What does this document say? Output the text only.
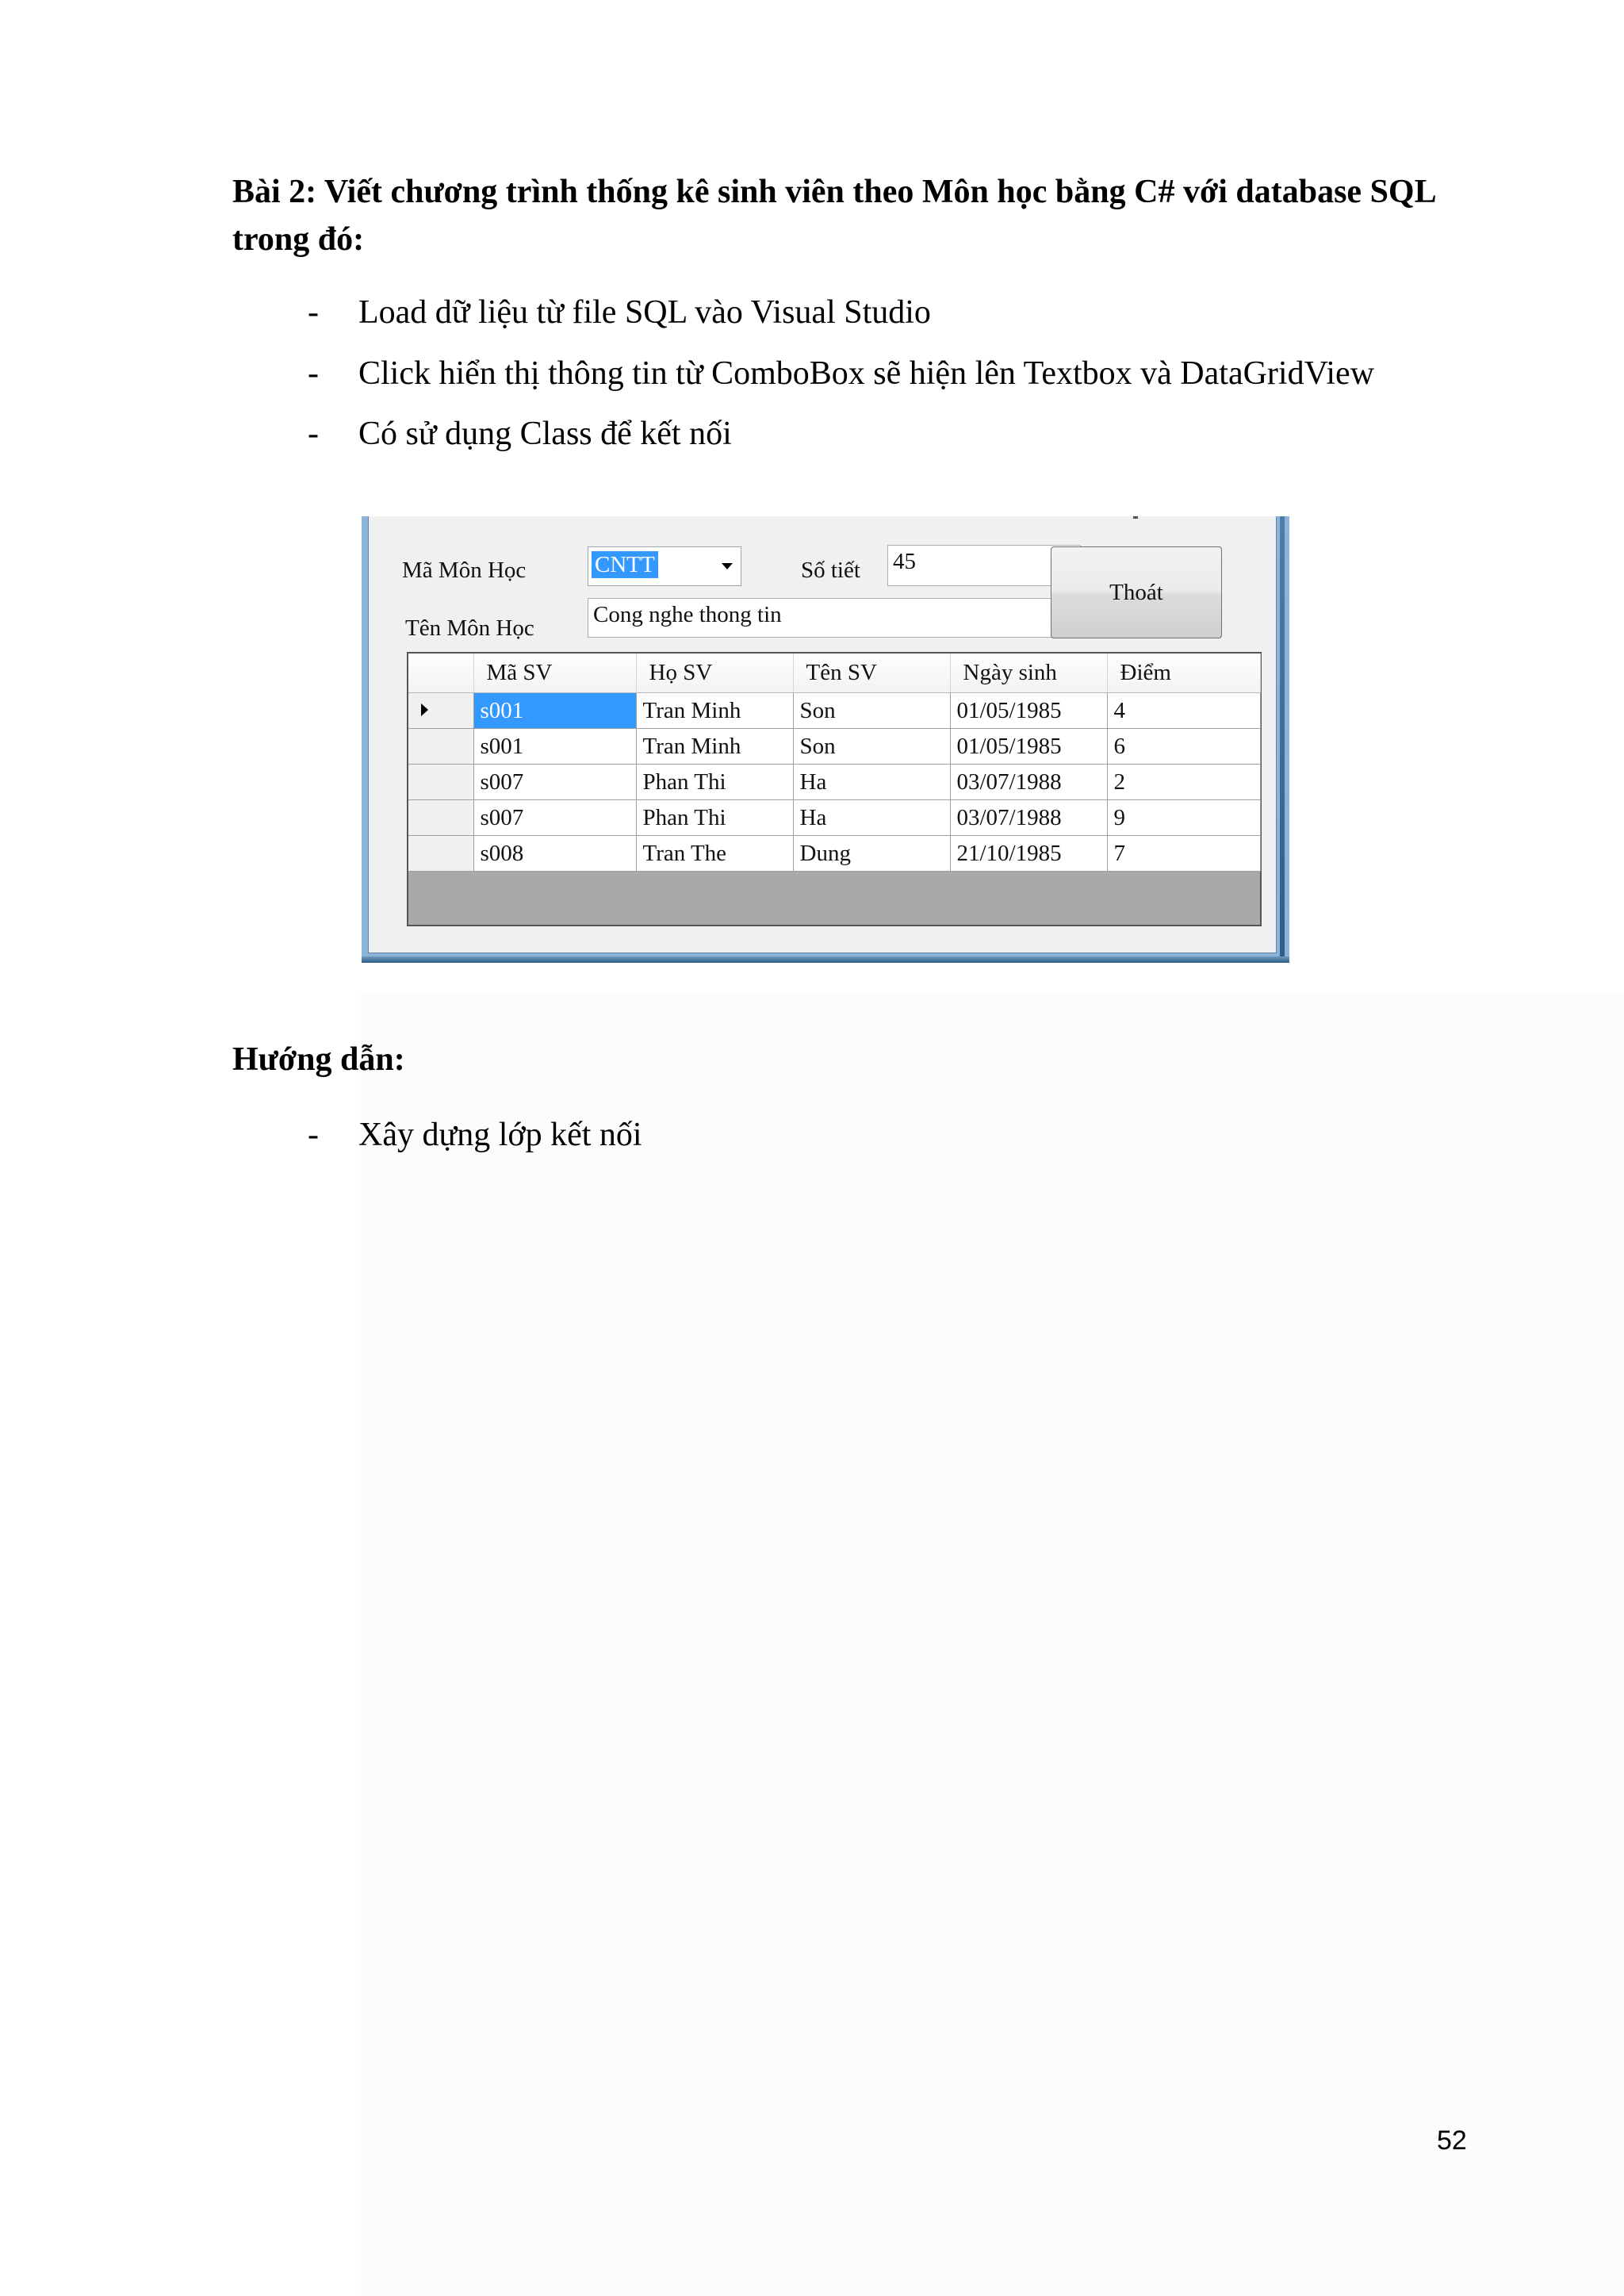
Bài 2: Viết chương trình thống kê sinh viên theo Môn học bằng C# với database SQL trong đó:
-	Load dữ liệu từ file SQL vào Visual Studio
-	Click hiển thị thông tin từ ComboBox sẽ hiện lên Textbox và DataGridView
-	Có sử dụng Class để kết nối
Mã Môn Học	CNTT	Số tiết 45
Tên Môn Học
Cong nghe thong tin
Thoát
	Mã SV	Họ SV	Tên SV	Ngày sinh	Điểm

	s001	Tran Minh	Son	01/05/1985	4
	s001	Tran Minh	Son	01/05/1985	6
	s007	Phan Thi	Ha	03/07/1988	2
	s007	Phan Thi	Ha	03/07/1988	9
	s008	Tran The	Dung	21/10/1985	7
Hướng dẫn:
-	Xây dựng lớp kết nối
52
